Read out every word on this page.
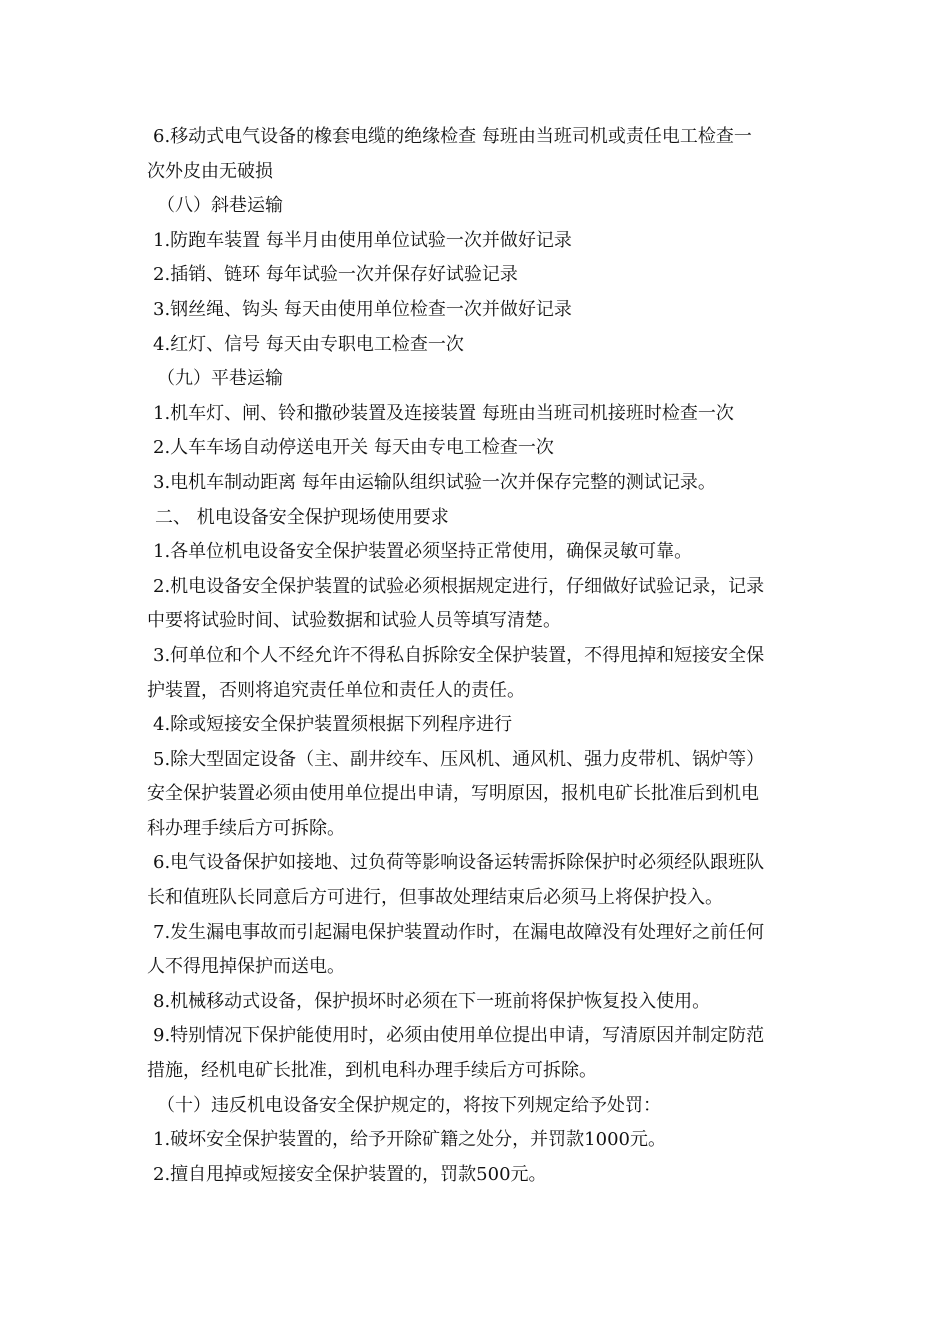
6.移动式电气设备的橡套电缆的绝缘检查 每班由当班司机或责任电工检查一
次外皮由无破损
（八）斜巷运输
1.防跑车装置 每半月由使用单位试验一次并做好记录
2.插销、链环 每年试验一次并保存好试验记录
3.钢丝绳、钩头 每天由使用单位检查一次并做好记录
4.红灯、信号 每天由专职电工检查一次
（九）平巷运输
1.机车灯、闸、铃和撒砂装置及连接装置 每班由当班司机接班时检查一次
2.人车车场自动停送电开关 每天由专电工检查一次
3.电机车制动距离 每年由运输队组织试验一次并保存完整的测试记录。
二、 机电设备安全保护现场使用要求
1.各单位机电设备安全保护装置必须坚持正常使用，确保灵敏可靠。
2.机电设备安全保护装置的试验必须根据规定进行，仔细做好试验记录，记录
中要将试验时间、试验数据和试验人员等填写清楚。
3.何单位和个人不经允许不得私自拆除安全保护装置，不得甩掉和短接安全保
护装置，否则将追究责任单位和责任人的责任。
4.除或短接安全保护装置须根据下列程序进行
5.除大型固定设备（主、副井绞车、压风机、通风机、强力皮带机、锅炉等）
安全保护装置必须由使用单位提出申请，写明原因，报机电矿长批准后到机电
科办理手续后方可拆除。
6.电气设备保护如接地、过负荷等影响设备运转需拆除保护时必须经队跟班队
长和值班队长同意后方可进行，但事故处理结束后必须马上将保护投入。
7.发生漏电事故而引起漏电保护装置动作时，在漏电故障没有处理好之前任何
人不得甩掉保护而送电。
8.机械移动式设备，保护损坏时必须在下一班前将保护恢复投入使用。
9.特别情况下保护能使用时，必须由使用单位提出申请，写清原因并制定防范
措施，经机电矿长批准，到机电科办理手续后方可拆除。
（十）违反机电设备安全保护规定的，将按下列规定给予处罚：
1.破坏安全保护装置的，给予开除矿籍之处分，并罚款1000元。
2.擅自甩掉或短接安全保护装置的，罚款500元。
